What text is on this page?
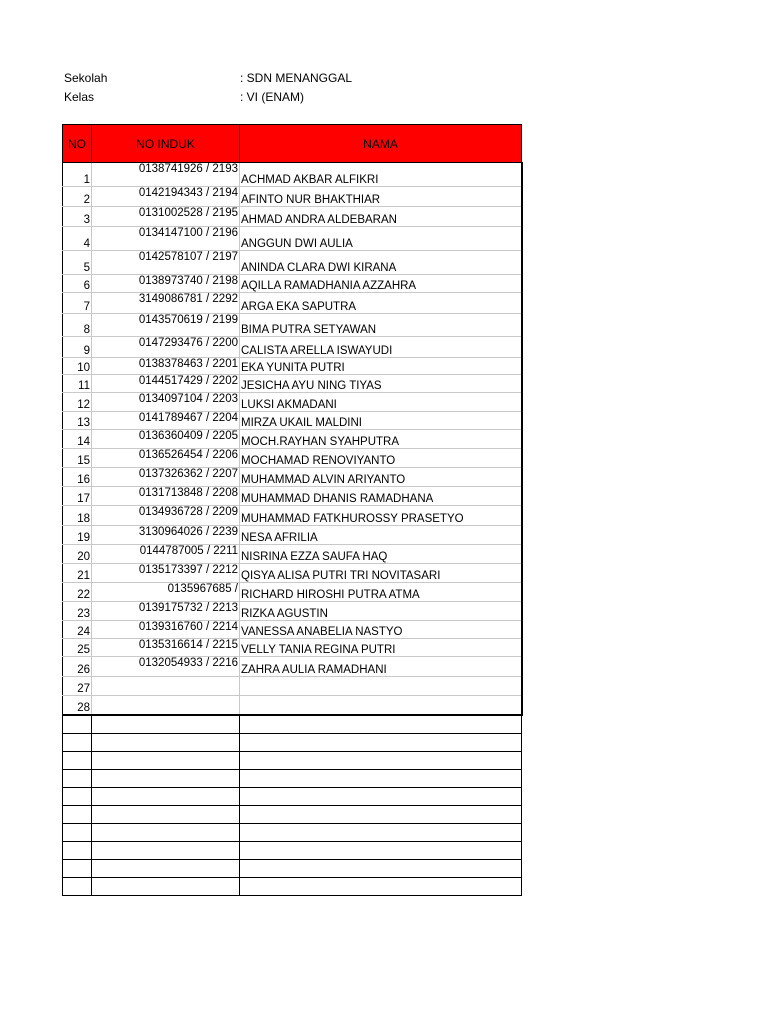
Sekolah	: SDN MENANGGAL
Kelas	: VI (ENAM)
NO	NO INDUK	NAMA
1	0138741926 / 2193	ACHMAD AKBAR ALFIKRI
2	0142194343 / 2194	AFINTO NUR BHAKTHIAR
3	0131002528 / 2195	AHMAD ANDRA ALDEBARAN
4	0134147100 / 2196	ANGGUN DWI AULIA
5	0142578107 / 2197	ANINDA CLARA DWI KIRANA
6	0138973740 / 2198	AQILLA RAMADHANIA AZZAHRA
7	3149086781 / 2292	ARGA EKA SAPUTRA
8	0143570619 / 2199	BIMA PUTRA SETYAWAN
9	0147293476 / 2200	CALISTA ARELLA ISWAYUDI
10	0138378463 / 2201	EKA YUNITA PUTRI
11	0144517429 / 2202	JESICHA AYU NING TIYAS
12	0134097104 / 2203	LUKSI AKMADANI
13	0141789467 / 2204	MIRZA UKAIL MALDINI
14	0136360409 / 2205	MOCH.RAYHAN SYAHPUTRA
15	0136526454 / 2206	MOCHAMAD RENOVIYANTO
16	0137326362 / 2207	MUHAMMAD ALVIN ARIYANTO
17	0131713848 / 2208	MUHAMMAD DHANIS RAMADHANA
18	0134936728 / 2209	MUHAMMAD FATKHUROSSY PRASETYO
19	3130964026 / 2239	NESA AFRILIA
20	0144787005 / 2211	NISRINA EZZA SAUFA HAQ
21	0135173397 / 2212	QISYA ALISA PUTRI TRI NOVITASARI
22	0135967685 /	RICHARD HIROSHI PUTRA ATMA
23	0139175732 / 2213	RIZKA AGUSTIN
24	0139316760 / 2214	VANESSA ANABELIA NASTYO
25	0135316614 / 2215	VELLY TANIA REGINA PUTRI
26	0132054933 / 2216	ZAHRA AULIA RAMADHANI
27		
28		
